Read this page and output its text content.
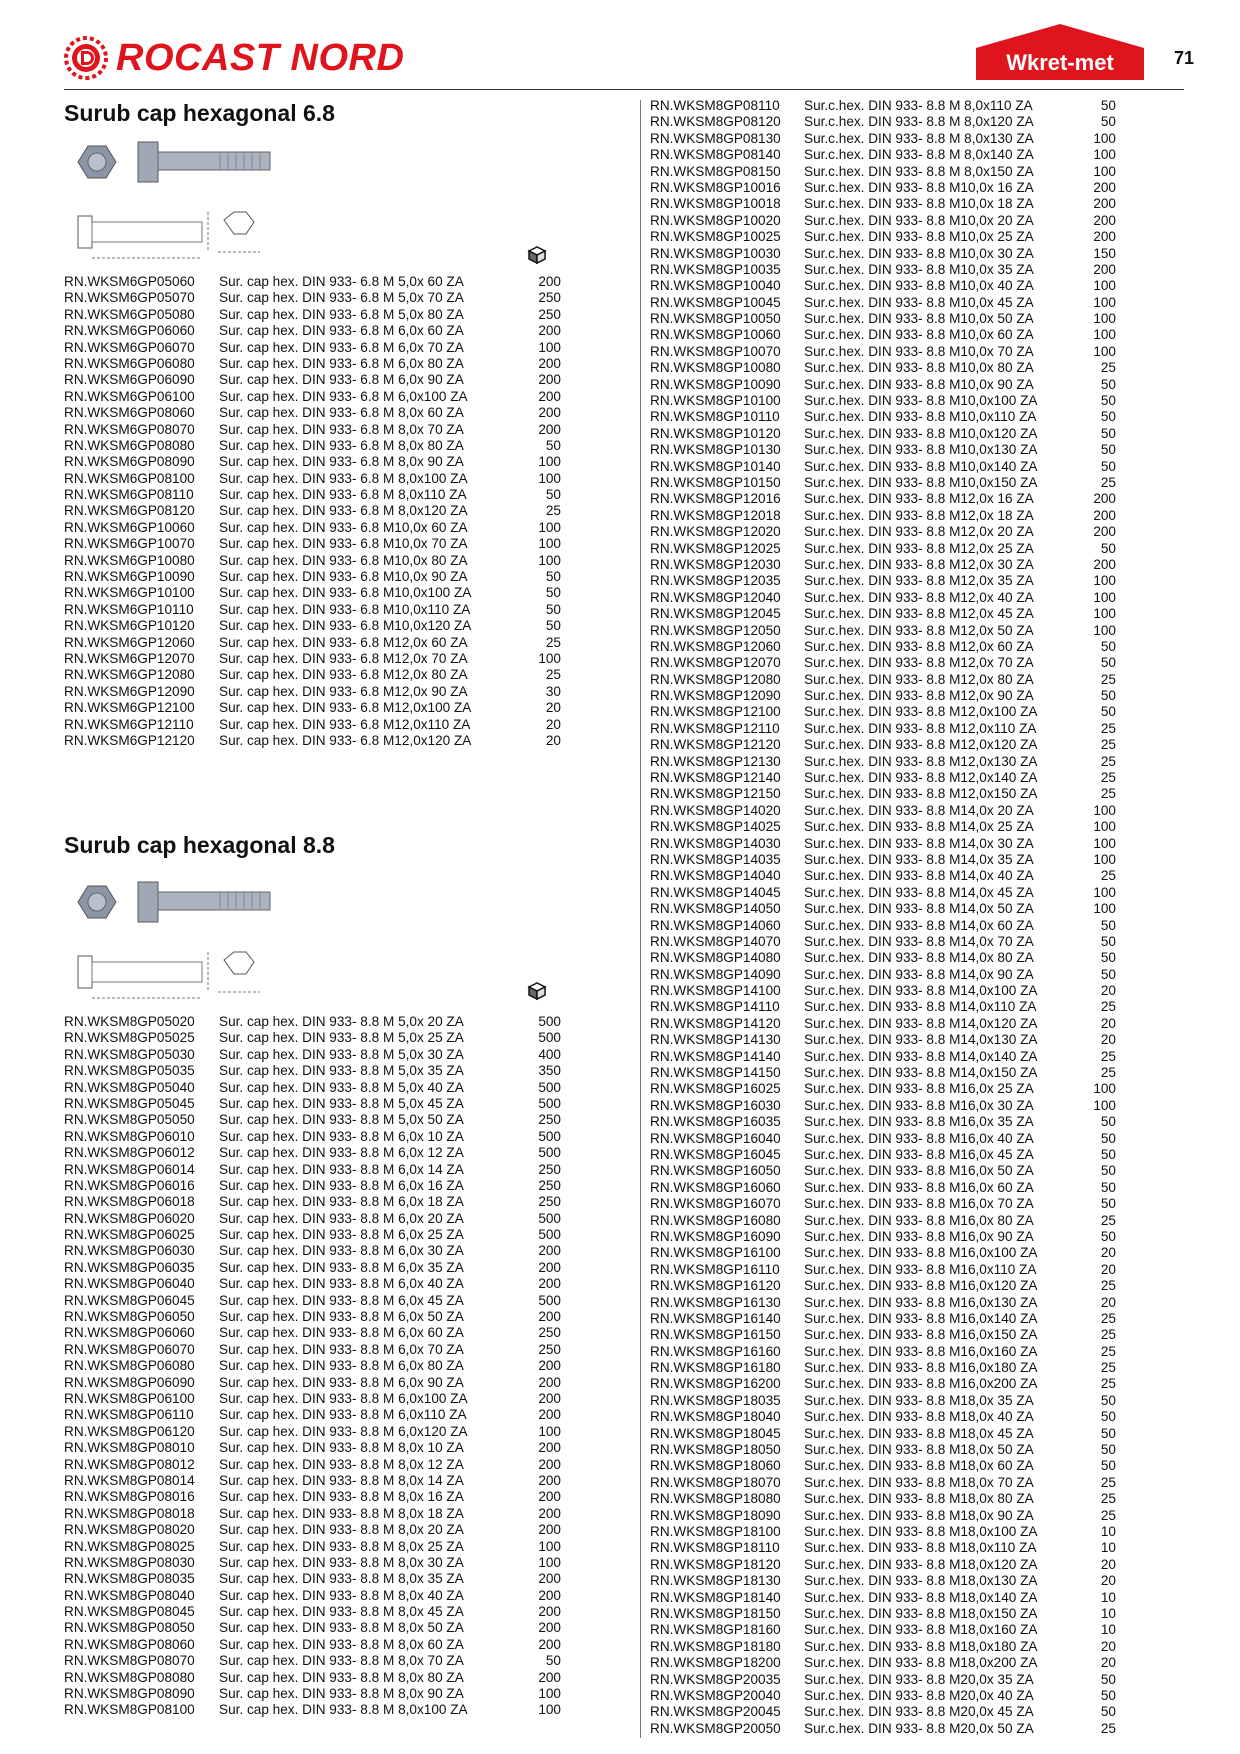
ROCAST NORD	Wkret-met	71
Surub cap hexagonal 6.8
RN.WKSM6GP05060	Sur. cap hex. DIN 933- 6.8 M 5,0x 60 ZA	200
RN.WKSM6GP05070	Sur. cap hex. DIN 933- 6.8 M 5,0x 70 ZA	250
RN.WKSM6GP05080	Sur. cap hex. DIN 933- 6.8 M 5,0x 80 ZA	250
RN.WKSM6GP06060	Sur. cap hex. DIN 933- 6.8 M 6,0x 60 ZA	200
RN.WKSM6GP06070	Sur. cap hex. DIN 933- 6.8 M 6,0x 70 ZA	100
RN.WKSM6GP06080	Sur. cap hex. DIN 933- 6.8 M 6,0x 80 ZA	200
RN.WKSM6GP06090	Sur. cap hex. DIN 933- 6.8 M 6,0x 90 ZA	200
RN.WKSM6GP06100	Sur. cap hex. DIN 933- 6.8 M 6,0x100 ZA	200
RN.WKSM6GP08060	Sur. cap hex. DIN 933- 6.8 M 8,0x 60 ZA	200
RN.WKSM6GP08070	Sur. cap hex. DIN 933- 6.8 M 8,0x 70 ZA	200
RN.WKSM6GP08080	Sur. cap hex. DIN 933- 6.8 M 8,0x 80 ZA	50
RN.WKSM6GP08090	Sur. cap hex. DIN 933- 6.8 M 8,0x 90 ZA	100
RN.WKSM6GP08100	Sur. cap hex. DIN 933- 6.8 M 8,0x100 ZA	100
RN.WKSM6GP08110	Sur. cap hex. DIN 933- 6.8 M 8,0x110 ZA	50
RN.WKSM6GP08120	Sur. cap hex. DIN 933- 6.8 M 8,0x120 ZA	25
RN.WKSM6GP10060	Sur. cap hex. DIN 933- 6.8 M10,0x 60 ZA	100
RN.WKSM6GP10070	Sur. cap hex. DIN 933- 6.8 M10,0x 70 ZA	100
RN.WKSM6GP10080	Sur. cap hex. DIN 933- 6.8 M10,0x 80 ZA	100
RN.WKSM6GP10090	Sur. cap hex. DIN 933- 6.8 M10,0x 90 ZA	50
RN.WKSM6GP10100	Sur. cap hex. DIN 933- 6.8 M10,0x100 ZA	50
RN.WKSM6GP10110	Sur. cap hex. DIN 933- 6.8 M10,0x110 ZA	50
RN.WKSM6GP10120	Sur. cap hex. DIN 933- 6.8 M10,0x120 ZA	50
RN.WKSM6GP12060	Sur. cap hex. DIN 933- 6.8 M12,0x 60 ZA	25
RN.WKSM6GP12070	Sur. cap hex. DIN 933- 6.8 M12,0x 70 ZA	100
RN.WKSM6GP12080	Sur. cap hex. DIN 933- 6.8 M12,0x 80 ZA	25
RN.WKSM6GP12090	Sur. cap hex. DIN 933- 6.8 M12,0x 90 ZA	30
RN.WKSM6GP12100	Sur. cap hex. DIN 933- 6.8 M12,0x100 ZA	20
RN.WKSM6GP12110	Sur. cap hex. DIN 933- 6.8 M12,0x110 ZA	20
RN.WKSM6GP12120	Sur. cap hex. DIN 933- 6.8 M12,0x120 ZA	20
Surub cap hexagonal 8.8
RN.WKSM8GP05020	Sur. cap hex. DIN 933- 8.8 M 5,0x 20 ZA	500
RN.WKSM8GP05025	Sur. cap hex. DIN 933- 8.8 M 5,0x 25 ZA	500
RN.WKSM8GP05030	Sur. cap hex. DIN 933- 8.8 M 5,0x 30 ZA	400
RN.WKSM8GP05035	Sur. cap hex. DIN 933- 8.8 M 5,0x 35 ZA	350
RN.WKSM8GP05040	Sur. cap hex. DIN 933- 8.8 M 5,0x 40 ZA	500
RN.WKSM8GP05045	Sur. cap hex. DIN 933- 8.8 M 5,0x 45 ZA	500
RN.WKSM8GP05050	Sur. cap hex. DIN 933- 8.8 M 5,0x 50 ZA	250
RN.WKSM8GP06010	Sur. cap hex. DIN 933- 8.8 M 6,0x 10 ZA	500
RN.WKSM8GP06012	Sur. cap hex. DIN 933- 8.8 M 6,0x 12 ZA	500
RN.WKSM8GP06014	Sur. cap hex. DIN 933- 8.8 M 6,0x 14 ZA	250
RN.WKSM8GP06016	Sur. cap hex. DIN 933- 8.8 M 6,0x 16 ZA	250
RN.WKSM8GP06018	Sur. cap hex. DIN 933- 8.8 M 6,0x 18 ZA	250
RN.WKSM8GP06020	Sur. cap hex. DIN 933- 8.8 M 6,0x 20 ZA	500
RN.WKSM8GP06025	Sur. cap hex. DIN 933- 8.8 M 6,0x 25 ZA	500
RN.WKSM8GP06030	Sur. cap hex. DIN 933- 8.8 M 6,0x 30 ZA	200
RN.WKSM8GP06035	Sur. cap hex. DIN 933- 8.8 M 6,0x 35 ZA	200
RN.WKSM8GP06040	Sur. cap hex. DIN 933- 8.8 M 6,0x 40 ZA	200
RN.WKSM8GP06045	Sur. cap hex. DIN 933- 8.8 M 6,0x 45 ZA	500
RN.WKSM8GP06050	Sur. cap hex. DIN 933- 8.8 M 6,0x 50 ZA	200
RN.WKSM8GP06060	Sur. cap hex. DIN 933- 8.8 M 6,0x 60 ZA	250
RN.WKSM8GP06070	Sur. cap hex. DIN 933- 8.8 M 6,0x 70 ZA	250
RN.WKSM8GP06080	Sur. cap hex. DIN 933- 8.8 M 6,0x 80 ZA	200
RN.WKSM8GP06090	Sur. cap hex. DIN 933- 8.8 M 6,0x 90 ZA	200
RN.WKSM8GP06100	Sur. cap hex. DIN 933- 8.8 M 6,0x100 ZA	200
RN.WKSM8GP06110	Sur. cap hex. DIN 933- 8.8 M 6,0x110 ZA	200
RN.WKSM8GP06120	Sur. cap hex. DIN 933- 8.8 M 6,0x120 ZA	100
RN.WKSM8GP08010	Sur. cap hex. DIN 933- 8.8 M 8,0x 10 ZA	200
RN.WKSM8GP08012	Sur. cap hex. DIN 933- 8.8 M 8,0x 12 ZA	200
RN.WKSM8GP08014	Sur. cap hex. DIN 933- 8.8 M 8,0x 14 ZA	200
RN.WKSM8GP08016	Sur. cap hex. DIN 933- 8.8 M 8,0x 16 ZA	200
RN.WKSM8GP08018	Sur. cap hex. DIN 933- 8.8 M 8,0x 18 ZA	200
RN.WKSM8GP08020	Sur. cap hex. DIN 933- 8.8 M 8,0x 20 ZA	200
RN.WKSM8GP08025	Sur. cap hex. DIN 933- 8.8 M 8,0x 25 ZA	100
RN.WKSM8GP08030	Sur. cap hex. DIN 933- 8.8 M 8,0x 30 ZA	100
RN.WKSM8GP08035	Sur. cap hex. DIN 933- 8.8 M 8,0x 35 ZA	200
RN.WKSM8GP08040	Sur. cap hex. DIN 933- 8.8 M 8,0x 40 ZA	200
RN.WKSM8GP08045	Sur. cap hex. DIN 933- 8.8 M 8,0x 45 ZA	200
RN.WKSM8GP08050	Sur. cap hex. DIN 933- 8.8 M 8,0x 50 ZA	200
RN.WKSM8GP08060	Sur. cap hex. DIN 933- 8.8 M 8,0x 60 ZA	200
RN.WKSM8GP08070	Sur. cap hex. DIN 933- 8.8 M 8,0x 70 ZA	50
RN.WKSM8GP08080	Sur. cap hex. DIN 933- 8.8 M 8,0x 80 ZA	200
RN.WKSM8GP08090	Sur. cap hex. DIN 933- 8.8 M 8,0x 90 ZA	100
RN.WKSM8GP08100	Sur. cap hex. DIN 933- 8.8 M 8,0x100 ZA	100
RN.WKSM8GP08110	Sur.c.hex. DIN 933- 8.8 M 8,0x110 ZA	50
RN.WKSM8GP08120	Sur.c.hex. DIN 933- 8.8 M 8,0x120 ZA	50
RN.WKSM8GP08130	Sur.c.hex. DIN 933- 8.8 M 8,0x130 ZA	100
RN.WKSM8GP08140	Sur.c.hex. DIN 933- 8.8 M 8,0x140 ZA	100
RN.WKSM8GP08150	Sur.c.hex. DIN 933- 8.8 M 8,0x150 ZA	100
RN.WKSM8GP10016	Sur.c.hex. DIN 933- 8.8 M10,0x 16 ZA	200
RN.WKSM8GP10018	Sur.c.hex. DIN 933- 8.8 M10,0x 18 ZA	200
RN.WKSM8GP10020	Sur.c.hex. DIN 933- 8.8 M10,0x 20 ZA	200
RN.WKSM8GP10025	Sur.c.hex. DIN 933- 8.8 M10,0x 25 ZA	200
RN.WKSM8GP10030	Sur.c.hex. DIN 933- 8.8 M10,0x 30 ZA	150
RN.WKSM8GP10035	Sur.c.hex. DIN 933- 8.8 M10,0x 35 ZA	200
RN.WKSM8GP10040	Sur.c.hex. DIN 933- 8.8 M10,0x 40 ZA	100
RN.WKSM8GP10045	Sur.c.hex. DIN 933- 8.8 M10,0x 45 ZA	100
RN.WKSM8GP10050	Sur.c.hex. DIN 933- 8.8 M10,0x 50 ZA	100
RN.WKSM8GP10060	Sur.c.hex. DIN 933- 8.8 M10,0x 60 ZA	100
RN.WKSM8GP10070	Sur.c.hex. DIN 933- 8.8 M10,0x 70 ZA	100
RN.WKSM8GP10080	Sur.c.hex. DIN 933- 8.8 M10,0x 80 ZA	25
RN.WKSM8GP10090	Sur.c.hex. DIN 933- 8.8 M10,0x 90 ZA	50
RN.WKSM8GP10100	Sur.c.hex. DIN 933- 8.8 M10,0x100 ZA	50
RN.WKSM8GP10110	Sur.c.hex. DIN 933- 8.8 M10,0x110 ZA	50
RN.WKSM8GP10120	Sur.c.hex. DIN 933- 8.8 M10,0x120 ZA	50
RN.WKSM8GP10130	Sur.c.hex. DIN 933- 8.8 M10,0x130 ZA	50
RN.WKSM8GP10140	Sur.c.hex. DIN 933- 8.8 M10,0x140 ZA	50
RN.WKSM8GP10150	Sur.c.hex. DIN 933- 8.8 M10,0x150 ZA	25
RN.WKSM8GP12016	Sur.c.hex. DIN 933- 8.8 M12,0x 16 ZA	200
RN.WKSM8GP12018	Sur.c.hex. DIN 933- 8.8 M12,0x 18 ZA	200
RN.WKSM8GP12020	Sur.c.hex. DIN 933- 8.8 M12,0x 20 ZA	200
RN.WKSM8GP12025	Sur.c.hex. DIN 933- 8.8 M12,0x 25 ZA	50
RN.WKSM8GP12030	Sur.c.hex. DIN 933- 8.8 M12,0x 30 ZA	200
RN.WKSM8GP12035	Sur.c.hex. DIN 933- 8.8 M12,0x 35 ZA	100
RN.WKSM8GP12040	Sur.c.hex. DIN 933- 8.8 M12,0x 40 ZA	100
RN.WKSM8GP12045	Sur.c.hex. DIN 933- 8.8 M12,0x 45 ZA	100
RN.WKSM8GP12050	Sur.c.hex. DIN 933- 8.8 M12,0x 50 ZA	100
RN.WKSM8GP12060	Sur.c.hex. DIN 933- 8.8 M12,0x 60 ZA	50
RN.WKSM8GP12070	Sur.c.hex. DIN 933- 8.8 M12,0x 70 ZA	50
RN.WKSM8GP12080	Sur.c.hex. DIN 933- 8.8 M12,0x 80 ZA	25
RN.WKSM8GP12090	Sur.c.hex. DIN 933- 8.8 M12,0x 90 ZA	50
RN.WKSM8GP12100	Sur.c.hex. DIN 933- 8.8 M12,0x100 ZA	50
RN.WKSM8GP12110	Sur.c.hex. DIN 933- 8.8 M12,0x110 ZA	25
RN.WKSM8GP12120	Sur.c.hex. DIN 933- 8.8 M12,0x120 ZA	25
RN.WKSM8GP12130	Sur.c.hex. DIN 933- 8.8 M12,0x130 ZA	25
RN.WKSM8GP12140	Sur.c.hex. DIN 933- 8.8 M12,0x140 ZA	25
RN.WKSM8GP12150	Sur.c.hex. DIN 933- 8.8 M12,0x150 ZA	25
RN.WKSM8GP14020	Sur.c.hex. DIN 933- 8.8 M14,0x 20 ZA	100
RN.WKSM8GP14025	Sur.c.hex. DIN 933- 8.8 M14,0x 25 ZA	100
RN.WKSM8GP14030	Sur.c.hex. DIN 933- 8.8 M14,0x 30 ZA	100
RN.WKSM8GP14035	Sur.c.hex. DIN 933- 8.8 M14,0x 35 ZA	100
RN.WKSM8GP14040	Sur.c.hex. DIN 933- 8.8 M14,0x 40 ZA	25
RN.WKSM8GP14045	Sur.c.hex. DIN 933- 8.8 M14,0x 45 ZA	100
RN.WKSM8GP14050	Sur.c.hex. DIN 933- 8.8 M14,0x 50 ZA	100
RN.WKSM8GP14060	Sur.c.hex. DIN 933- 8.8 M14,0x 60 ZA	50
RN.WKSM8GP14070	Sur.c.hex. DIN 933- 8.8 M14,0x 70 ZA	50
RN.WKSM8GP14080	Sur.c.hex. DIN 933- 8.8 M14,0x 80 ZA	50
RN.WKSM8GP14090	Sur.c.hex. DIN 933- 8.8 M14,0x 90 ZA	50
RN.WKSM8GP14100	Sur.c.hex. DIN 933- 8.8 M14,0x100 ZA	20
RN.WKSM8GP14110	Sur.c.hex. DIN 933- 8.8 M14,0x110 ZA	25
RN.WKSM8GP14120	Sur.c.hex. DIN 933- 8.8 M14,0x120 ZA	20
RN.WKSM8GP14130	Sur.c.hex. DIN 933- 8.8 M14,0x130 ZA	20
RN.WKSM8GP14140	Sur.c.hex. DIN 933- 8.8 M14,0x140 ZA	25
RN.WKSM8GP14150	Sur.c.hex. DIN 933- 8.8 M14,0x150 ZA	25
RN.WKSM8GP16025	Sur.c.hex. DIN 933- 8.8 M16,0x 25 ZA	100
RN.WKSM8GP16030	Sur.c.hex. DIN 933- 8.8 M16,0x 30 ZA	100
RN.WKSM8GP16035	Sur.c.hex. DIN 933- 8.8 M16,0x 35 ZA	50
RN.WKSM8GP16040	Sur.c.hex. DIN 933- 8.8 M16,0x 40 ZA	50
RN.WKSM8GP16045	Sur.c.hex. DIN 933- 8.8 M16,0x 45 ZA	50
RN.WKSM8GP16050	Sur.c.hex. DIN 933- 8.8 M16,0x 50 ZA	50
RN.WKSM8GP16060	Sur.c.hex. DIN 933- 8.8 M16,0x 60 ZA	50
RN.WKSM8GP16070	Sur.c.hex. DIN 933- 8.8 M16,0x 70 ZA	50
RN.WKSM8GP16080	Sur.c.hex. DIN 933- 8.8 M16,0x 80 ZA	25
RN.WKSM8GP16090	Sur.c.hex. DIN 933- 8.8 M16,0x 90 ZA	50
RN.WKSM8GP16100	Sur.c.hex. DIN 933- 8.8 M16,0x100 ZA	20
RN.WKSM8GP16110	Sur.c.hex. DIN 933- 8.8 M16,0x110 ZA	20
RN.WKSM8GP16120	Sur.c.hex. DIN 933- 8.8 M16,0x120 ZA	25
RN.WKSM8GP16130	Sur.c.hex. DIN 933- 8.8 M16,0x130 ZA	20
RN.WKSM8GP16140	Sur.c.hex. DIN 933- 8.8 M16,0x140 ZA	25
RN.WKSM8GP16150	Sur.c.hex. DIN 933- 8.8 M16,0x150 ZA	25
RN.WKSM8GP16160	Sur.c.hex. DIN 933- 8.8 M16,0x160 ZA	25
RN.WKSM8GP16180	Sur.c.hex. DIN 933- 8.8 M16,0x180 ZA	25
RN.WKSM8GP16200	Sur.c.hex. DIN 933- 8.8 M16,0x200 ZA	25
RN.WKSM8GP18035	Sur.c.hex. DIN 933- 8.8 M18,0x 35 ZA	50
RN.WKSM8GP18040	Sur.c.hex. DIN 933- 8.8 M18,0x 40 ZA	50
RN.WKSM8GP18045	Sur.c.hex. DIN 933- 8.8 M18,0x 45 ZA	50
RN.WKSM8GP18050	Sur.c.hex. DIN 933- 8.8 M18,0x 50 ZA	50
RN.WKSM8GP18060	Sur.c.hex. DIN 933- 8.8 M18,0x 60 ZA	50
RN.WKSM8GP18070	Sur.c.hex. DIN 933- 8.8 M18,0x 70 ZA	25
RN.WKSM8GP18080	Sur.c.hex. DIN 933- 8.8 M18,0x 80 ZA	25
RN.WKSM8GP18090	Sur.c.hex. DIN 933- 8.8 M18,0x 90 ZA	25
RN.WKSM8GP18100	Sur.c.hex. DIN 933- 8.8 M18,0x100 ZA	10
RN.WKSM8GP18110	Sur.c.hex. DIN 933- 8.8 M18,0x110 ZA	10
RN.WKSM8GP18120	Sur.c.hex. DIN 933- 8.8 M18,0x120 ZA	20
RN.WKSM8GP18130	Sur.c.hex. DIN 933- 8.8 M18,0x130 ZA	20
RN.WKSM8GP18140	Sur.c.hex. DIN 933- 8.8 M18,0x140 ZA	10
RN.WKSM8GP18150	Sur.c.hex. DIN 933- 8.8 M18,0x150 ZA	10
RN.WKSM8GP18160	Sur.c.hex. DIN 933- 8.8 M18,0x160 ZA	10
RN.WKSM8GP18180	Sur.c.hex. DIN 933- 8.8 M18,0x180 ZA	20
RN.WKSM8GP18200	Sur.c.hex. DIN 933- 8.8 M18,0x200 ZA	20
RN.WKSM8GP20035	Sur.c.hex. DIN 933- 8.8 M20,0x 35 ZA	50
RN.WKSM8GP20040	Sur.c.hex. DIN 933- 8.8 M20,0x 40 ZA	50
RN.WKSM8GP20045	Sur.c.hex. DIN 933- 8.8 M20,0x 45 ZA	50
RN.WKSM8GP20050	Sur.c.hex. DIN 933- 8.8 M20,0x 50 ZA	25
